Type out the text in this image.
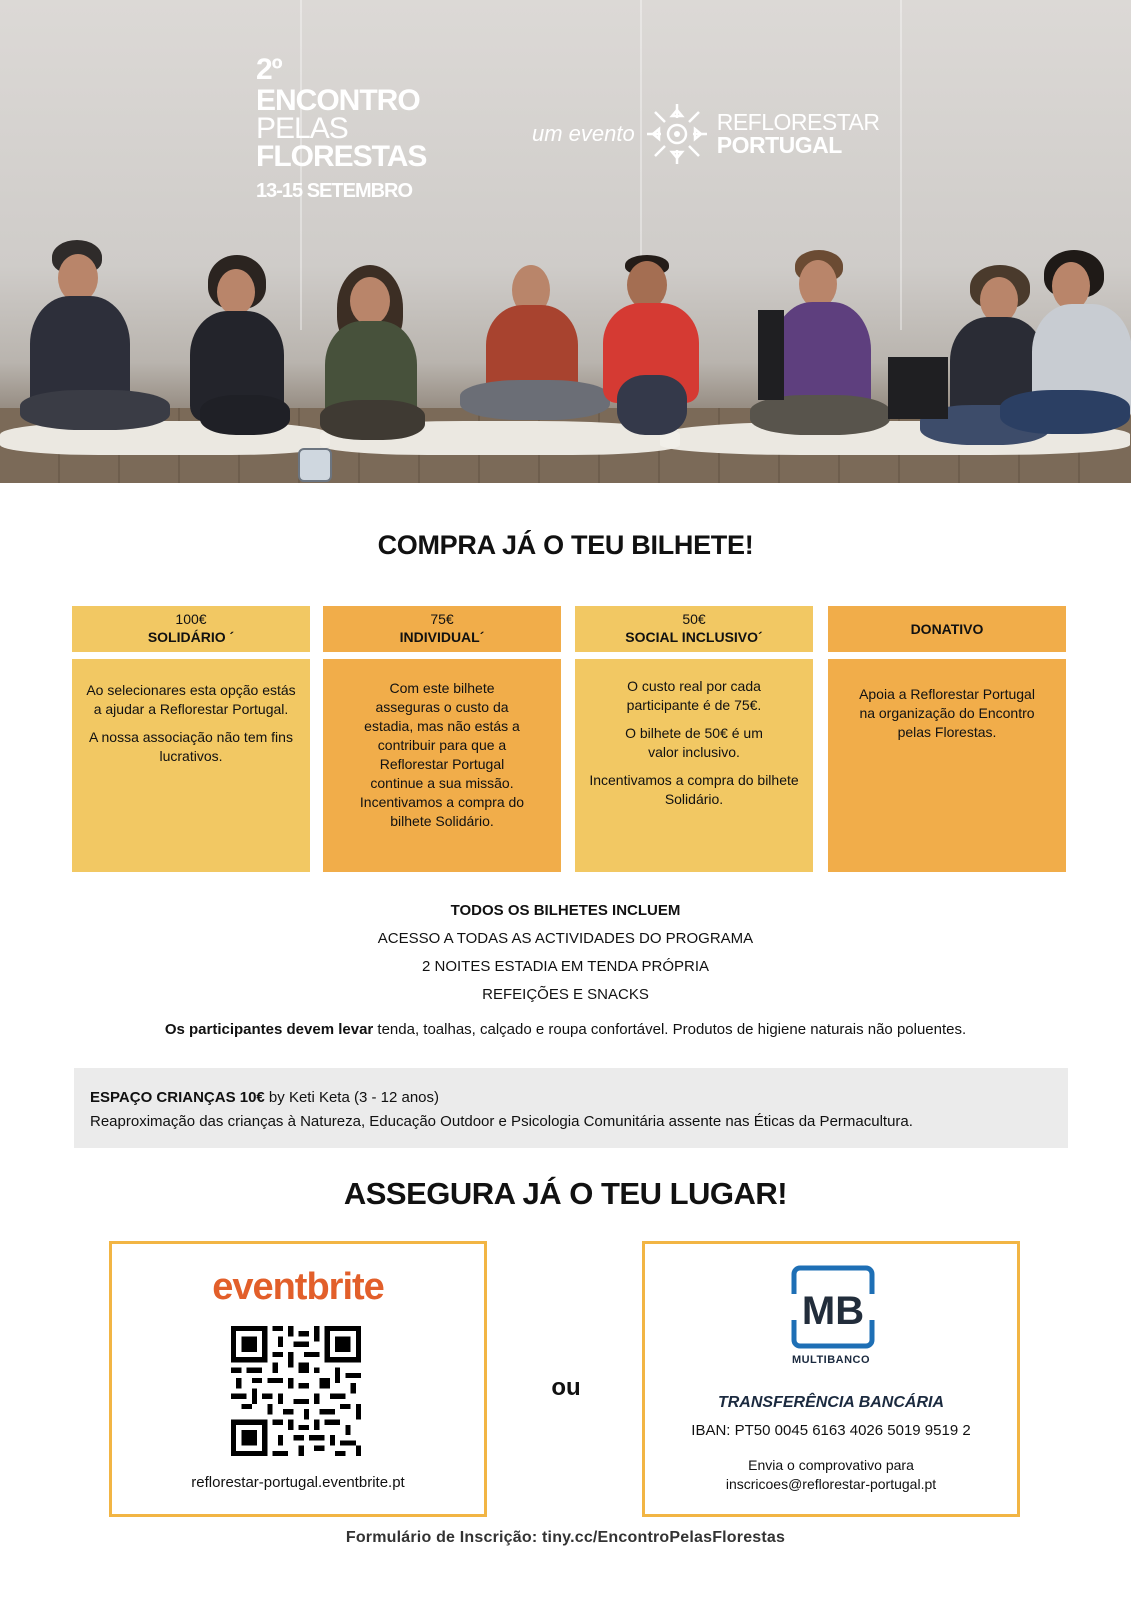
2º
ENCONTRO
PELAS
FLORESTAS
13-15 SETEMBRO
um evento	REFLORESTAR
PORTUGAL
COMPRA JÁ O TEU BILHETE!
100€
SOLIDÁRIO ´

Ao selecionares esta opção estás a ajudar a Reflorestar Portugal.

A nossa associação não tem fins lucrativos.

75€
INDIVIDUAL´

Com este bilhete asseguras o custo da estadia, mas não estás a contribuir para que a Reflorestar Portugal continue a sua missão. Incentivamos a compra do bilhete Solidário.

50€
SOCIAL INCLUSIVO´

O custo real por cada participante é de 75€.

O bilhete de 50€ é um valor inclusivo.

Incentivamos a compra do bilhete Solidário.

DONATIVO

Apoia a Reflorestar Portugal na organização do Encontro pelas Florestas.

TODOS OS BILHETES INCLUEM
ACESSO A TODAS AS ACTIVIDADES DO PROGRAMA
2 NOITES ESTADIA EM TENDA PRÓPRIA
REFEIÇÕES E SNACKS
Os participantes devem levar tenda, toalhas, calçado e roupa confortável. Produtos de higiene naturais não poluentes.
ESPAÇO CRIANÇAS 10€ by Keti Keta (3 - 12 anos)
Reaproximação das crianças à Natureza, Educação Outdoor e Psicologia Comunitária assente nas Éticas da Permacultura.
ASSEGURA JÁ O TEU LUGAR!
eventbrite
reflorestar-portugal.eventbrite.pt
ou
MB
MULTIBANCO
TRANSFERÊNCIA BANCÁRIA
IBAN: PT50 0045 6163 4026 5019 9519 2
Envia o comprovativo para
inscricoes@reflorestar-portugal.pt
Formulário de Inscrição: tiny.cc/EncontroPelasFlorestas
